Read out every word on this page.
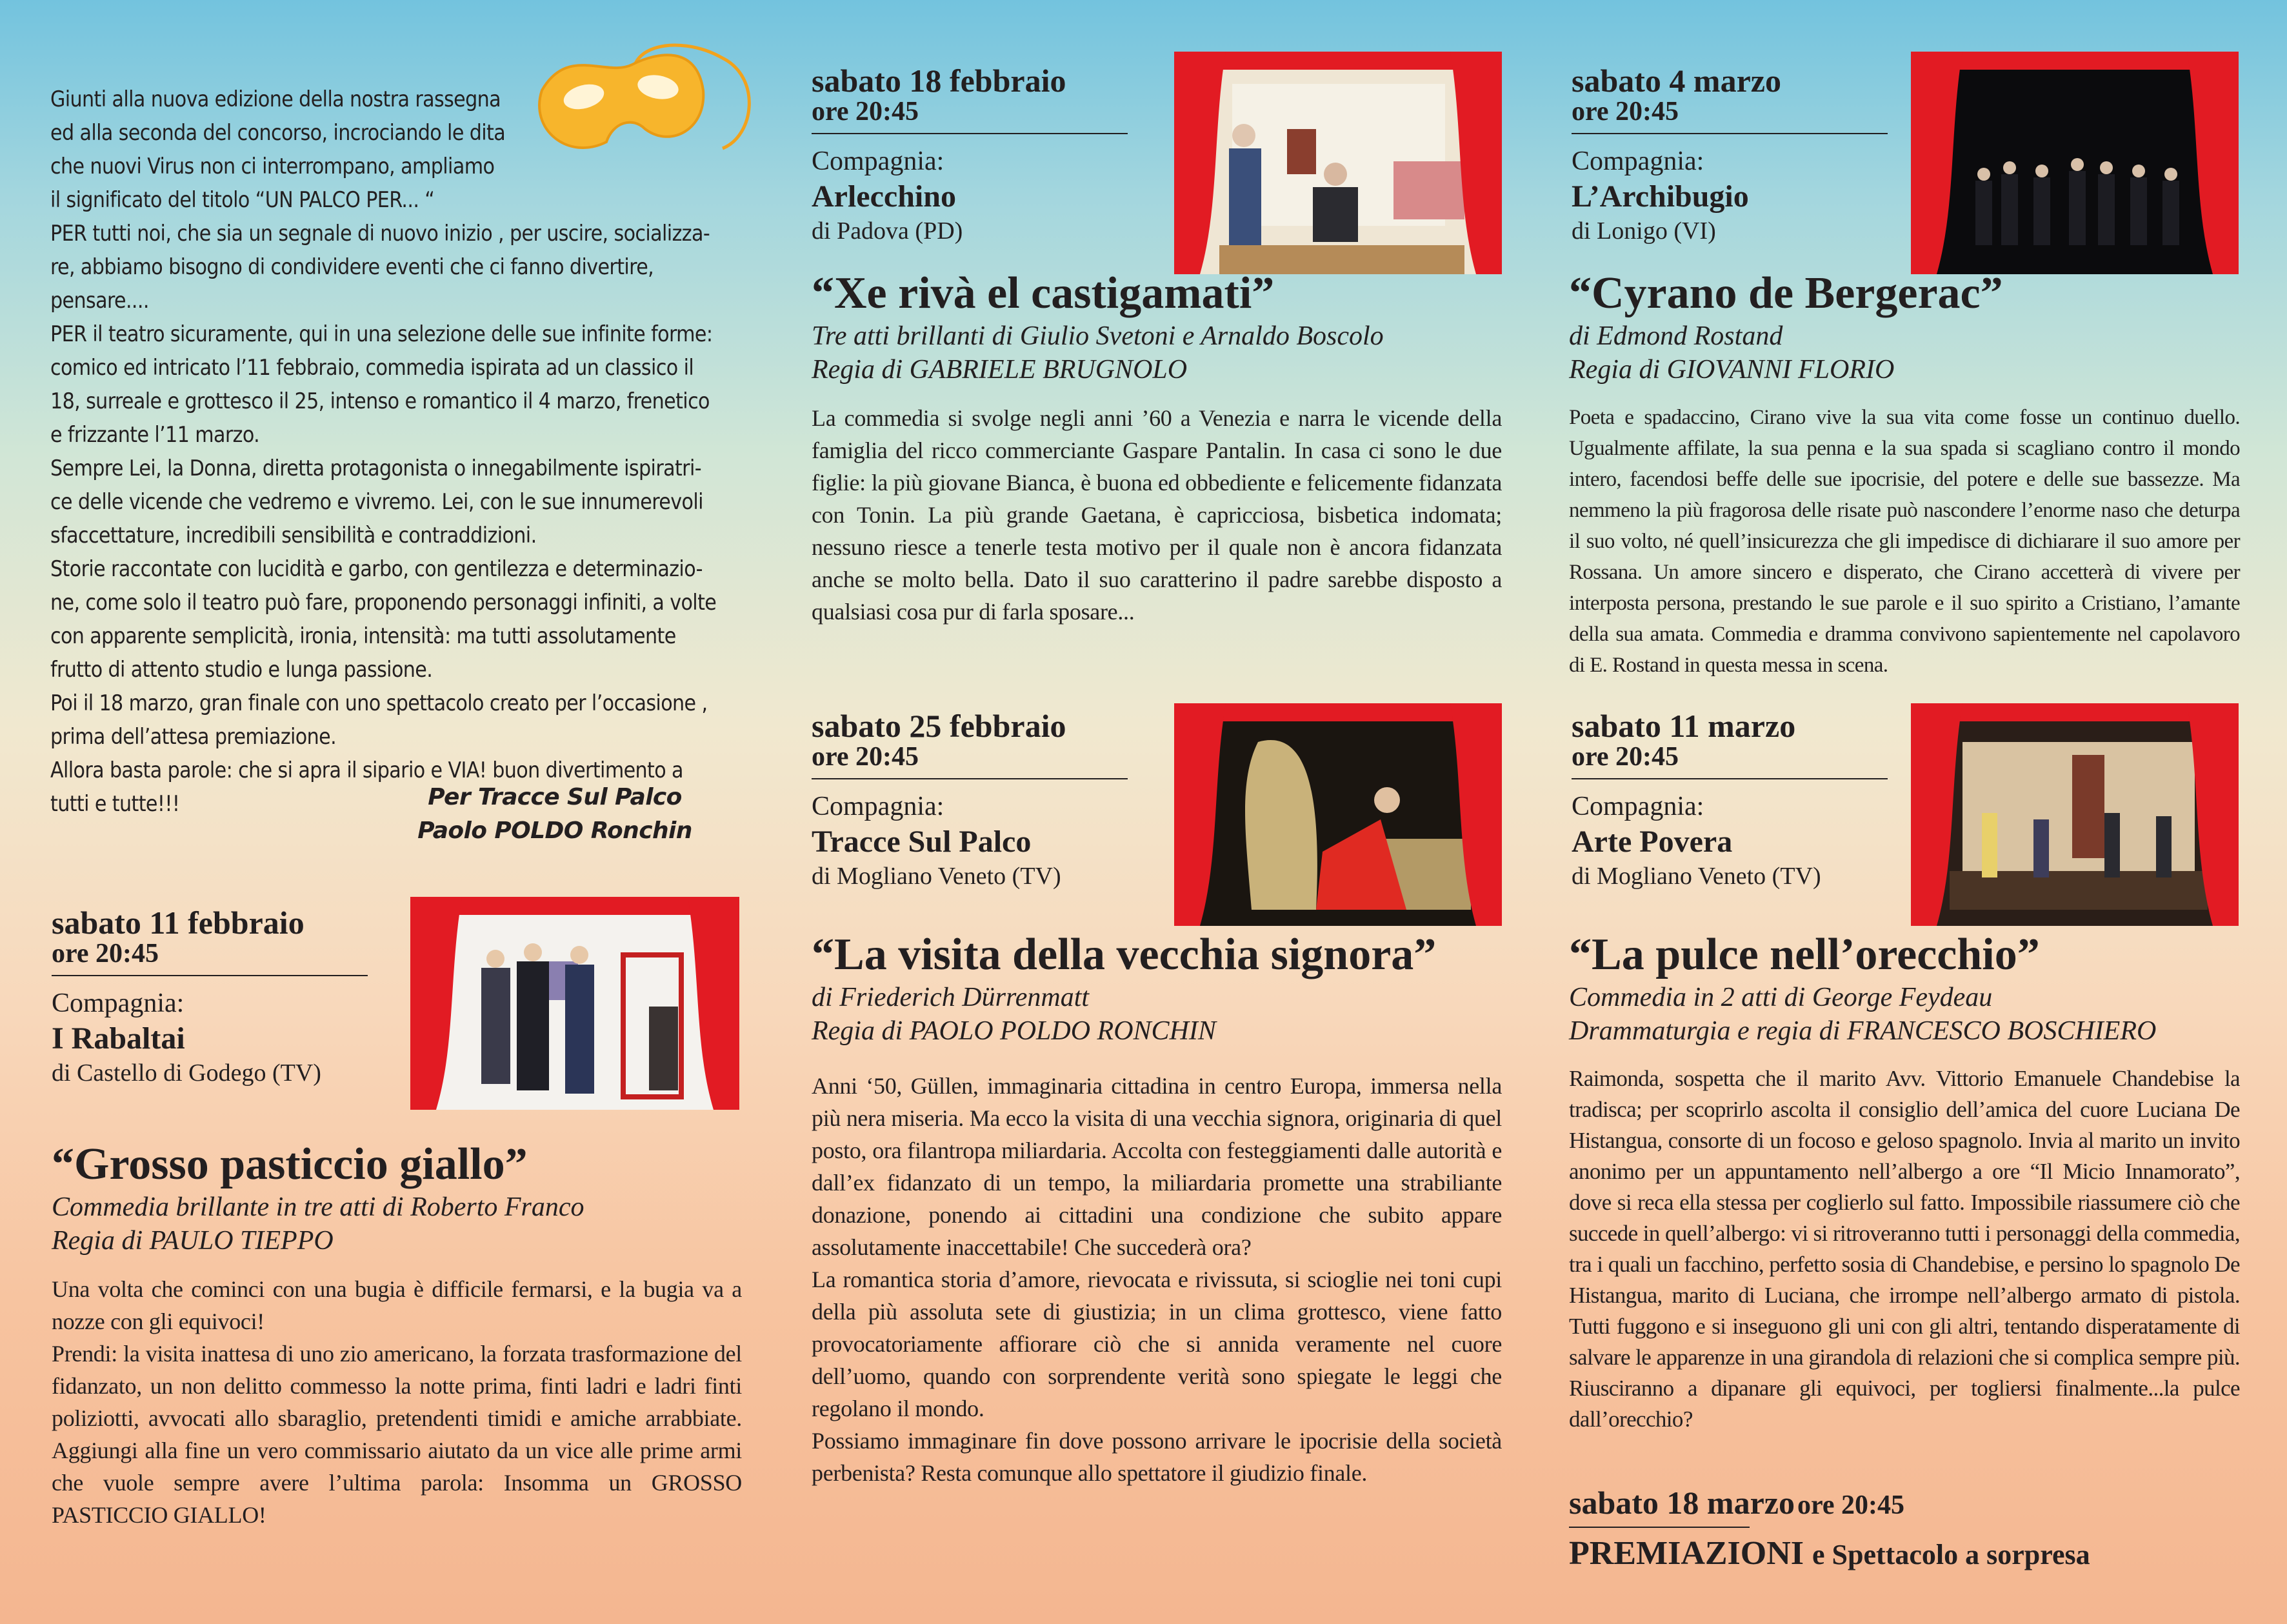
Giunti alla nuova edizione della nostra rassegna
ed alla seconda del concorso, incrociando le dita
che nuovi Virus non ci interrompano, ampliamo
il significato del titolo “UN PALCO PER... “
PER tutti noi, che sia un segnale di nuovo inizio , per uscire, socializza-
re, abbiamo bisogno di condividere eventi che ci fanno divertire,
pensare....
PER il teatro sicuramente, qui in una selezione delle sue infinite forme:
comico ed intricato l’11 febbraio, commedia ispirata ad un classico il
18, surreale e grottesco il 25, intenso e romantico il 4 marzo, frenetico
e frizzante l’11 marzo.
Sempre Lei, la Donna, diretta protagonista o innegabilmente ispiratri-
ce delle vicende che vedremo e vivremo. Lei, con le sue innumerevoli
sfaccettature, incredibili sensibilità e contraddizioni.
Storie raccontate con lucidità e garbo, con gentilezza e determinazio-
ne, come solo il teatro può fare, proponendo personaggi infiniti, a volte
con apparente semplicità, ironia, intensità: ma tutti assolutamente
frutto di attento studio e lunga passione.
Poi il 18 marzo, gran finale con uno spettacolo creato per l’occasione ,
prima dell’attesa premiazione.
Allora basta parole: che si apra il sipario e VIA! buon divertimento a
tutti e tutte!!!	Per Tracce Sul Palco
Paolo POLDO Ronchin
sabato 11 febbraio
ore 20:45
Compagnia:
I Rabaltai
di Castello di Godego (TV)
“Grosso pasticcio giallo”
Commedia brillante in tre atti di Roberto Franco
Regia di PAULO TIEPPO
Una volta che cominci con una bugia è difficile fermarsi, e la bugia va a nozze con gli equivoci!
Prendi: la visita inattesa di uno zio americano, la forzata trasformazione del fidanzato, un non delitto commesso la notte prima, finti ladri e ladri finti poliziotti, avvocati allo sbaraglio, pretendenti timidi e amiche arrabbiate. Aggiungi alla fine un vero commissario aiutato da un vice alle prime armi che vuole sempre avere l’ultima parola: Insomma un GROSSO PASTICCIO GIALLO!
sabato 18 febbraio
ore 20:45
Compagnia:
Arlecchino
di Padova (PD)
“Xe rivà el castigamati”
Tre atti brillanti di Giulio Svetoni e Arnaldo Boscolo
Regia di GABRIELE BRUGNOLO
La commedia si svolge negli anni ’60 a Venezia e narra le vicende della famiglia del ricco commerciante Gaspare Pantalin. In casa ci sono le due figlie: la più giovane Bianca, è buona ed obbediente e felicemente fidanzata con Tonin. La più grande Gaetana, è capricciosa, bisbetica indomata; nessuno riesce a tenerle testa motivo per il quale non è ancora fidanzata anche se molto bella. Dato il suo caratterino il padre sarebbe disposto a qualsiasi cosa pur di farla sposare...
sabato 25 febbraio
ore 20:45
Compagnia:
Tracce Sul Palco
di Mogliano Veneto (TV)
“La visita della vecchia signora”
di Friederich Dürrenmatt
Regia di PAOLO POLDO RONCHIN
Anni ‘50, Güllen, immaginaria cittadina in centro Europa, immersa nella più nera miseria. Ma ecco la visita di una vecchia signora, originaria di quel posto, ora filantropa miliardaria. Accolta con festeggiamenti dalle autorità e dall’ex fidanzato di un tempo, la miliardaria promette una strabiliante donazione, ponendo ai cittadini una condizione che subito appare assolutamente inaccettabile! Che succederà ora?
La romantica storia d’amore, rievocata e rivissuta, si scioglie nei toni cupi della più assoluta sete di giustizia; in un clima grottesco, viene fatto provocatoriamente affiorare ciò che si annida veramente nel cuore dell’uomo, quando con sorprendente verità sono spiegate le leggi che regolano il mondo.
Possiamo immaginare fin dove possono arrivare le ipocrisie della società perbenista? Resta comunque allo spettatore il giudizio finale.
sabato 4 marzo
ore 20:45
Compagnia:
L’Archibugio
di Lonigo (VI)
“Cyrano de Bergerac”
di Edmond Rostand
Regia di GIOVANNI FLORIO
Poeta e spadaccino, Cirano vive la sua vita come fosse un continuo duello. Ugualmente affilate, la sua penna e la sua spada si scagliano contro il mondo intero, facendosi beffe delle sue ipocrisie, del potere e delle sue bassezze. Ma nemmeno la più fragorosa delle risate può nascondere l’enorme naso che deturpa il suo volto, né quell’insicurezza che gli impedisce di dichiarare il suo amore per Rossana. Un amore sincero e disperato, che Cirano accetterà di vivere per interposta persona, prestando le sue parole e il suo spirito a Cristiano, l’amante della sua amata. Commedia e dramma convivono sapientemente nel capolavoro di E. Rostand in questa messa in scena.
sabato 11 marzo
ore 20:45
Compagnia:
Arte Povera
di Mogliano Veneto (TV)
“La pulce nell’orecchio”
Commedia in 2 atti di George Feydeau
Drammaturgia e regia di FRANCESCO BOSCHIERO
Raimonda, sospetta che il marito Avv. Vittorio Emanuele Chandebise la tradisca; per scoprirlo ascolta il consiglio dell’amica del cuore Luciana De Histangua, consorte di un focoso e geloso spagnolo. Invia al marito un invito anonimo per un appuntamento nell’albergo a ore “Il Micio Innamorato”, dove si reca ella stessa per coglierlo sul fatto. Impossibile riassumere ciò che succede in quell’albergo: vi si ritroveranno tutti i personaggi della commedia, tra i quali un facchino, perfetto sosia di Chandebise, e persino lo spagnolo De Histangua, marito di Luciana, che irrompe nell’albergo armato di pistola. Tutti fuggono e si inseguono gli uni con gli altri, tentando disperatamente di salvare le apparenze in una girandola di relazioni che si complica sempre più. Riusciranno a dipanare gli equivoci, per togliersi finalmente...la pulce dall’orecchio?
sabato 18 marzo ore 20:45
PREMIAZIONI e Spettacolo a sorpresa
